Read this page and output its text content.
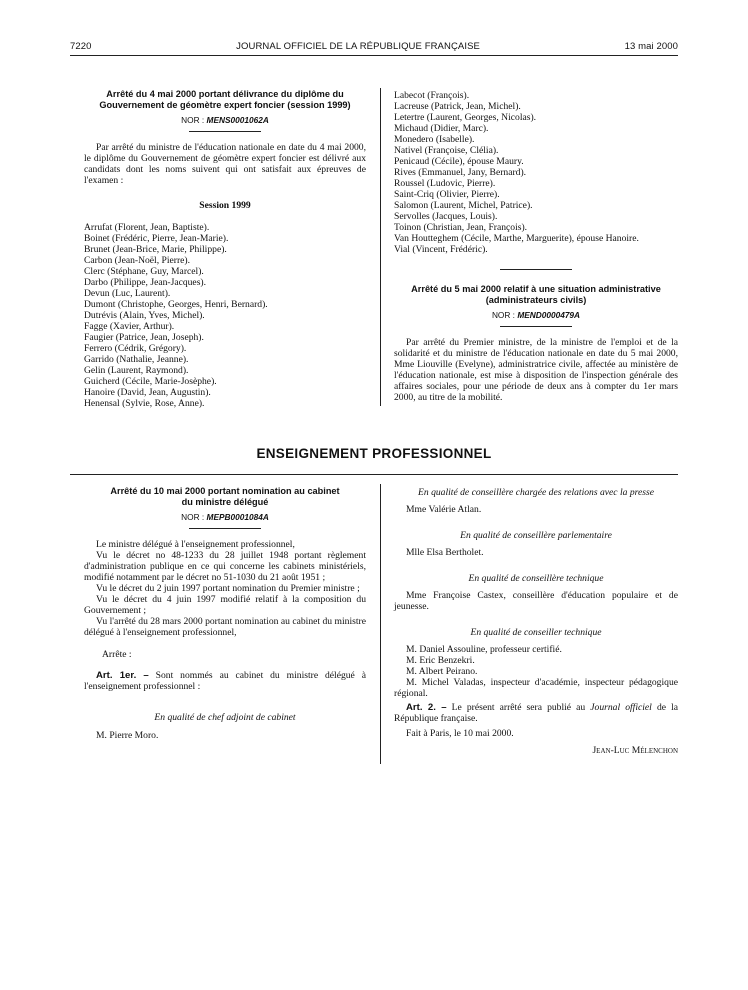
7220	JOURNAL OFFICIEL DE LA RÉPUBLIQUE FRANÇAISE	13 mai 2000

Arrêté du 4 mai 2000 portant délivrance du diplôme du Gouvernement de géomètre expert foncier (session 1999)

NOR : MENS0001062A

Par arrêté du ministre de l'éducation nationale en date du 4 mai 2000, le diplôme du Gouvernement de géomètre expert foncier est délivré aux candidats dont les noms suivent qui ont satisfait aux épreuves de l'examen :

Session 1999

Arrufat (Florent, Jean, Baptiste).
Boinet (Frédéric, Pierre, Jean-Marie).
Brunet (Jean-Brice, Marie, Philippe).
Carbon (Jean-Noël, Pierre).
Clerc (Stéphane, Guy, Marcel).
Darbo (Philippe, Jean-Jacques).
Devun (Luc, Laurent).
Dumont (Christophe, Georges, Henri, Bernard).
Dutrévis (Alain, Yves, Michel).
Fagge (Xavier, Arthur).
Faugier (Patrice, Jean, Joseph).
Ferrero (Cédrik, Grégory).
Garrido (Nathalie, Jeanne).
Gelin (Laurent, Raymond).
Guicherd (Cécile, Marie-Josèphe).
Hanoire (David, Jean, Augustin).
Henensal (Sylvie, Rose, Anne).
Labecot (François).
Lacreuse (Patrick, Jean, Michel).
Letertre (Laurent, Georges, Nicolas).
Michaud (Didier, Marc).
Monedero (Isabelle).
Nativel (Françoise, Clélia).
Penicaud (Cécile), épouse Maury.
Rives (Emmanuel, Jany, Bernard).
Roussel (Ludovic, Pierre).
Saint-Criq (Olivier, Pierre).
Salomon (Laurent, Michel, Patrice).
Servolles (Jacques, Louis).
Toinon (Christian, Jean, François).
Van Houtteghem (Cécile, Marthe, Marguerite), épouse Hanoire.
Vial (Vincent, Frédéric).

Arrêté du 5 mai 2000 relatif à une situation administrative (administrateurs civils)

NOR : MEND0000479A

Par arrêté du Premier ministre, de la ministre de l'emploi et de la solidarité et du ministre de l'éducation nationale en date du 5 mai 2000, Mme Liouville (Evelyne), administratrice civile, affectée au ministère de l'éducation nationale, est mise à disposition de l'inspection générale des affaires sociales, pour une période de deux ans à compter du 1er mars 2000, au titre de la mobilité.

ENSEIGNEMENT PROFESSIONNEL

Arrêté du 10 mai 2000 portant nomination au cabinet du ministre délégué

NOR : MEPB0001084A

Le ministre délégué à l'enseignement professionnel,

Vu le décret no 48-1233 du 28 juillet 1948 portant règlement d'administration publique en ce qui concerne les cabinets ministériels, modifié notamment par le décret no 51-1030 du 21 août 1951 ;

Vu le décret du 2 juin 1997 portant nomination du Premier ministre ;

Vu le décret du 4 juin 1997 modifié relatif à la composition du Gouvernement ;

Vu l'arrêté du 28 mars 2000 portant nomination au cabinet du ministre délégué à l'enseignement professionnel,

Arrête :

Art. 1er. – Sont nommés au cabinet du ministre délégué à l'enseignement professionnel :

En qualité de chef adjoint de cabinet

M. Pierre Moro.

En qualité de conseillère chargée des relations avec la presse

Mme Valérie Atlan.

En qualité de conseillère parlementaire

Mlle Elsa Bertholet.

En qualité de conseillère technique

Mme Françoise Castex, conseillère d'éducation populaire et de jeunesse.

En qualité de conseiller technique

M. Daniel Assouline, professeur certifié.

M. Eric Benzekri.

M. Albert Peirano.

M. Michel Valadas, inspecteur d'académie, inspecteur pédagogique régional.

Art. 2. – Le présent arrêté sera publié au Journal officiel de la République française.

Fait à Paris, le 10 mai 2000.

Jean-Luc Mélenchon
